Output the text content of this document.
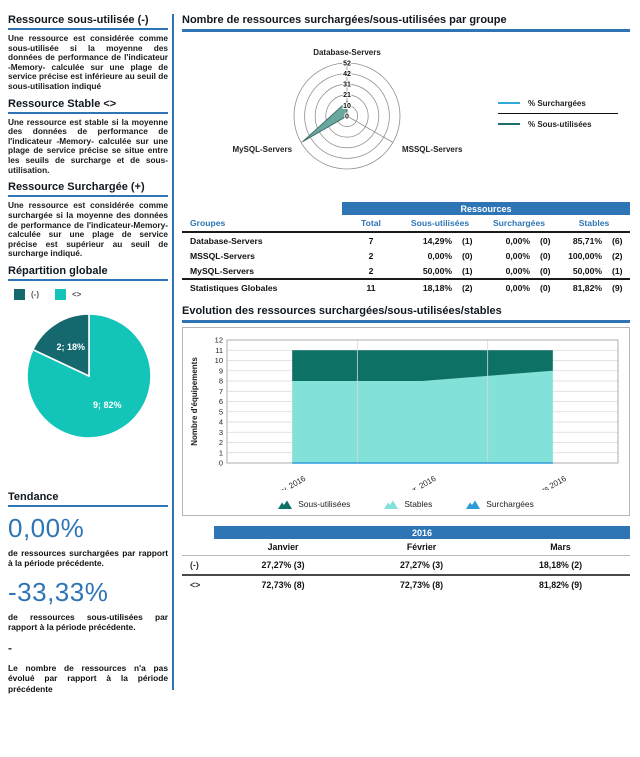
Ressource sous-utilisée (-)

Une ressource est considérée comme sous-utilisée si la moyenne des données de performance de l'indicateur -Memory- calculée sur une plage de service précise est inférieure au seuil de sous-utilisation indiqué

Ressource Stable <>

Une ressource est stable si la moyenne des données de performance de l'indicateur -Memory- calculée sur une plage de service précise se situe entre les seuils de surcharge et de sous-utilisation.

Ressource Surchargée (+)

Une ressource est considérée comme surchargée si la moyenne des données de performance de l'indicateur-Memory- calculée sur une plage de service précise est supérieur au seuil de surcharge indiqué.

Répartition globale
(-)	<>
9; 82%
2; 18%
Tendance
0,00%

de ressources surchargées par rapport à la période précédente.

-33,33%

de ressources sous-utilisées par rapport à la période précédente.

-

Le nombre de ressources n'a pas évolué par rapport à la période précédente

Nombre de ressources surchargées/sous-utilisées par groupe
0
10
21
31
42
52
Database-Servers
MSSQL-Servers
MySQL-Servers
% Surchargées
% Sous-utilisées
Ressources
Groupes	Total	Sous-utilisées	Surchargées	Stables
Database-Servers	7	14,29%	(1)	0,00%	(0)	85,71%	(6)
MSSQL-Servers	2	0,00%	(0)	0,00%	(0)	100,00%	(2)
MySQL-Servers	2	50,00%	(1)	0,00%	(0)	50,00%	(1)
Statistiques Globales	11	18,18%	(2)	0,00%	(0)	81,82%	(9)
Evolution des ressources surchargées/sous-utilisées/stables
0
1
2
3
4
5
6
7
8
9
10
11
12
janv. 2016	févr. 2016	mars 2016
Nombre d'équipements
Sous-utilisées	Stables	Surchargées
2016
Janvier	Février	Mars
(-)	27,27% (3)	27,27% (3)	18,18% (2)
<>	72,73% (8)	72,73% (8)	81,82% (9)
